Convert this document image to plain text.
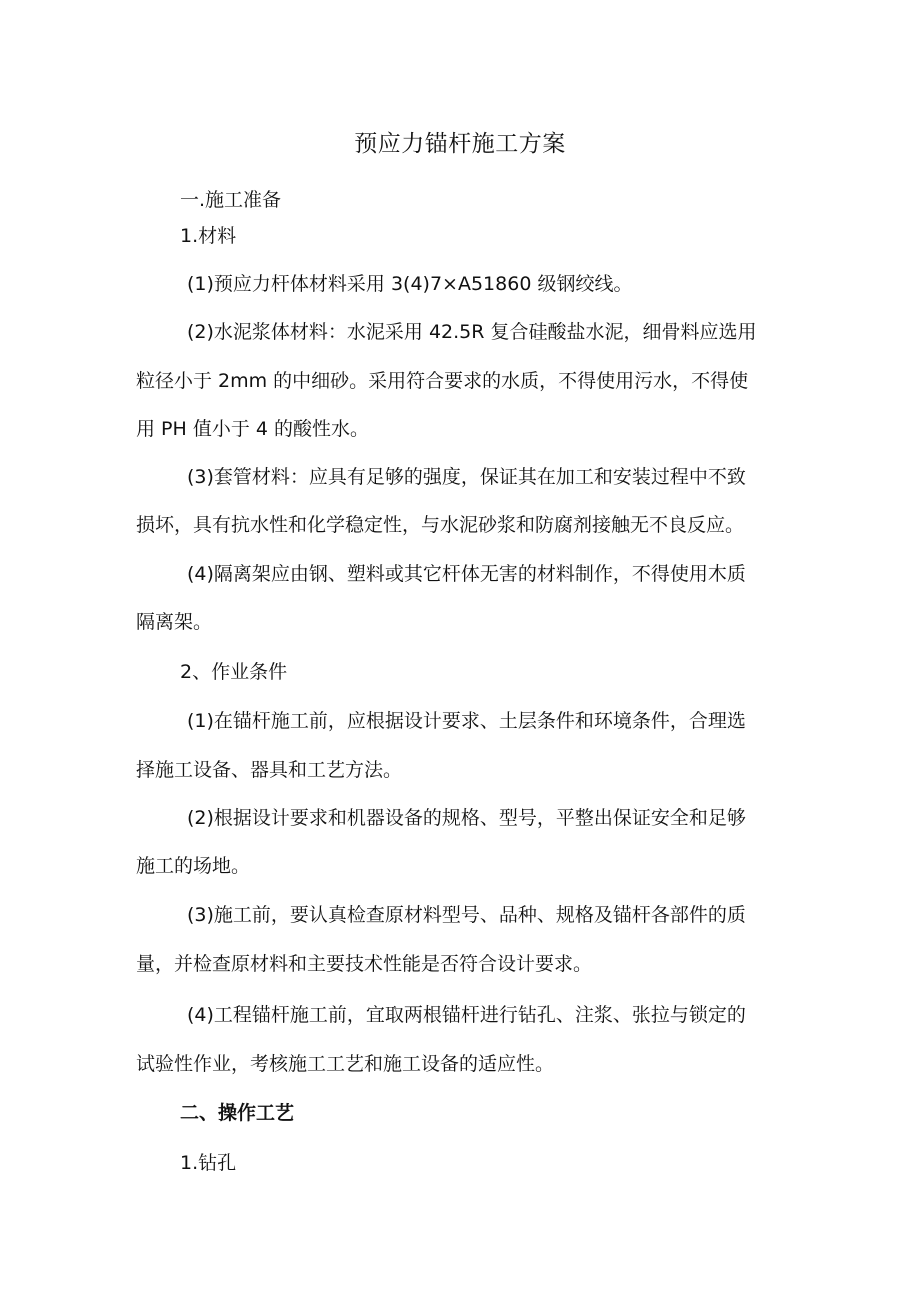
预应力锚杆施工方案
一.施工准备
1.材料
(1)预应力杆体材料采用 3(4)7×A51860 级钢绞线。
(2)水泥浆体材料：水泥采用 42.5R 复合硅酸盐水泥，细骨料应选用
粒径小于 2mm 的中细砂。采用符合要求的水质，不得使用污水，不得使
用 PH 值小于 4 的酸性水。
(3)套管材料：应具有足够的强度，保证其在加工和安装过程中不致
损坏，具有抗水性和化学稳定性，与水泥砂浆和防腐剂接触无不良反应。
(4)隔离架应由钢、塑料或其它杆体无害的材料制作，不得使用木质
隔离架。
2、作业条件
(1)在锚杆施工前，应根据设计要求、土层条件和环境条件，合理选
择施工设备、器具和工艺方法。
(2)根据设计要求和机器设备的规格、型号，平整出保证安全和足够
施工的场地。
(3)施工前，要认真检查原材料型号、品种、规格及锚杆各部件的质
量，并检查原材料和主要技术性能是否符合设计要求。
(4)工程锚杆施工前，宜取两根锚杆进行钻孔、注浆、张拉与锁定的
试验性作业，考核施工工艺和施工设备的适应性。
二、操作工艺
1.钻孔
